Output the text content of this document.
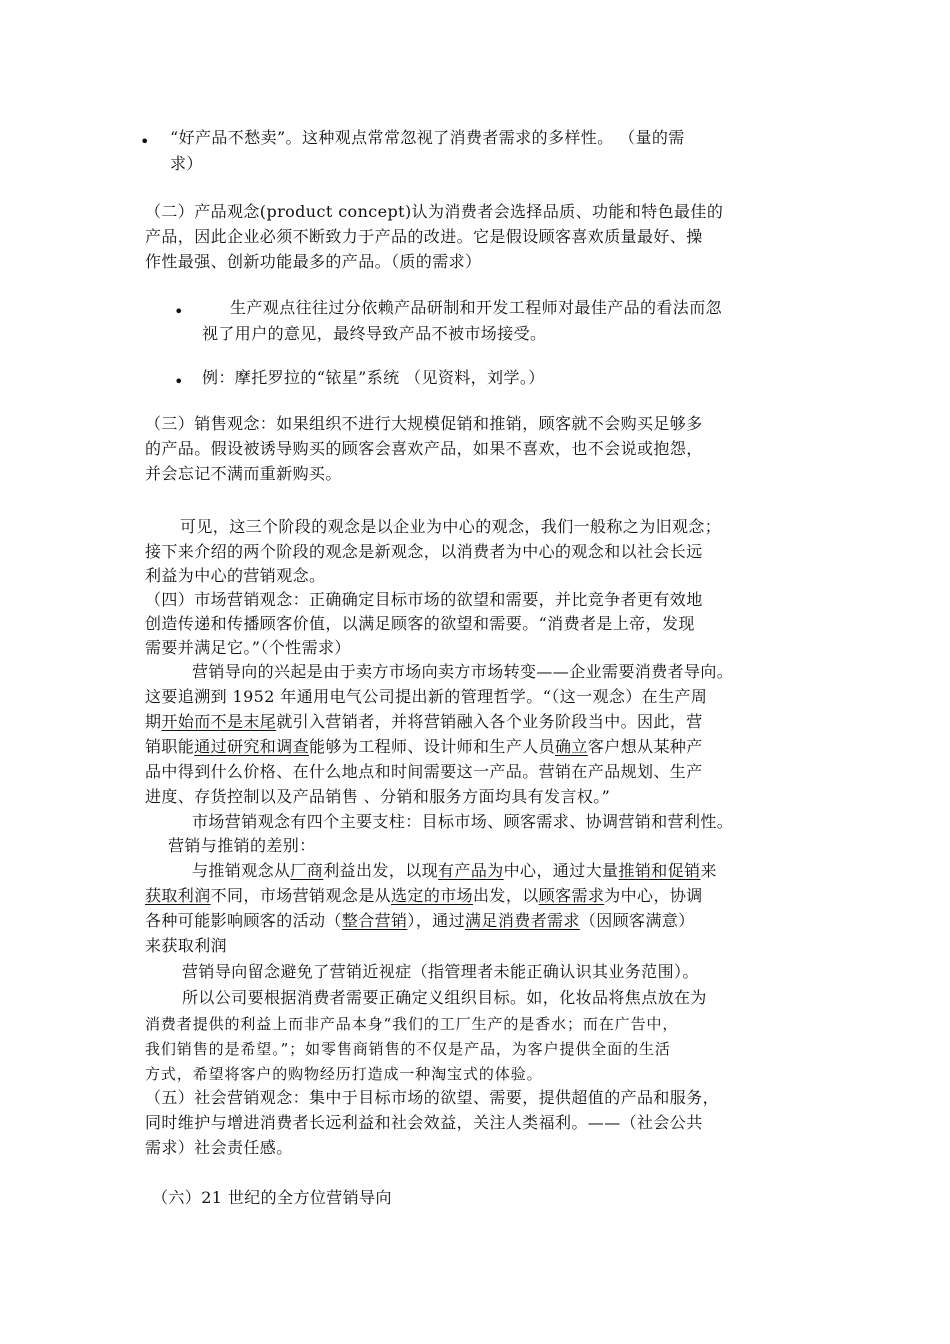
• “好产品不愁卖”。这种观点常常忽视了消费者需求的多样性。 （量的需
求）
（二）产品观念(product concept)认为消费者会选择品质、功能和特色最佳的
产品，因此企业必须不断致力于产品的改进。它是假设顾客喜欢质量最好、操
作性最强、创新功能最多的产品。（质的需求）
•	生产观点往往过分依赖产品研制和开发工程师对最佳产品的看法而忽
视了用户的意见，最终导致产品不被市场接受。
• 例：摩托罗拉的“铱星”系统 （见资料，刘学。）
（三）销售观念：如果组织不进行大规模促销和推销，顾客就不会购买足够多
的产品。假设被诱导购买的顾客会喜欢产品，如果不喜欢，也不会说或抱怨，
并会忘记不满而重新购买。
可见，这三个阶段的观念是以企业为中心的观念，我们一般称之为旧观念；
接下来介绍的两个阶段的观念是新观念，以消费者为中心的观念和以社会长远
利益为中心的营销观念。
（四）市场营销观念：正确确定目标市场的欲望和需要，并比竞争者更有效地
创造传递和传播顾客价值，以满足顾客的欲望和需要。“消费者是上帝，发现
需要并满足它。”（个性需求）
营销导向的兴起是由于卖方市场向卖方市场转变——企业需要消费者导向。
这要追溯到 1952 年通用电气公司提出新的管理哲学。“（这一观念）在生产周
期开始而不是末尾就引入营销者，并将营销融入各个业务阶段当中。因此，营
销职能通过研究和调查能够为工程师、设计师和生产人员确立客户想从某种产
品中得到什么价格、在什么地点和时间需要这一产品。营销在产品规划、生产
进度、存货控制以及产品销售 、分销和服务方面均具有发言权。”
市场营销观念有四个主要支柱：目标市场、顾客需求、协调营销和营利性。
营销与推销的差别：
与推销观念从厂商利益出发，以现有产品为中心，通过大量推销和促销来
获取利润不同，市场营销观念是从选定的市场出发，以顾客需求为中心，协调
各种可能影响顾客的活动（整合营销），通过满足消费者需求（因顾客满意）
来获取利润
营销导向留念避免了营销近视症（指管理者未能正确认识其业务范围）。
所以公司要根据消费者需要正确定义组织目标。如，化妆品将焦点放在为
消费者提供的利益上而非产品本身“我们的工厂生产的是香水；而在广告中，
我们销售的是希望。”；如零售商销售的不仅是产品，为客户提供全面的生活
方式，希望将客户的购物经历打造成一种淘宝式的体验。
（五）社会营销观念：集中于目标市场的欲望、需要，提供超值的产品和服务，
同时维护与增进消费者长远利益和社会效益，关注人类福利。——（社会公共
需求）社会责任感。
（六）21 世纪的全方位营销导向
